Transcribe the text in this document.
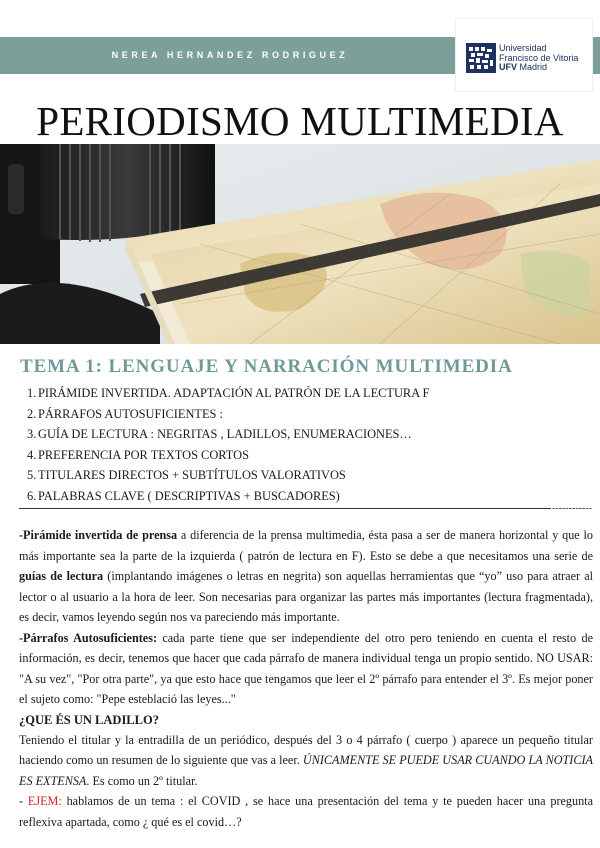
NEREA HERNANDEZ RODRIGUEZ
Universidad
Francisco de Vitoria
UFV Madrid
PERIODISMO MULTIMEDIA
TEMA 1: LENGUAJE Y NARRACIÓN MULTIMEDIA
1. PIRÁMIDE INVERTIDA. ADAPTACIÓN AL PATRÓN DE LA LECTURA F
2. PÁRRAFOS AUTOSUFICIENTES :
3. GUÍA DE LECTURA : NEGRITAS , LADILLOS, ENUMERACIONES…
4. PREFERENCIA POR TEXTOS CORTOS
5. TITULARES DIRECTOS + SUBTÍTULOS VALORATIVOS
6. PALABRAS CLAVE ( DESCRIPTIVAS + BUSCADORES)
------------

-Pirámide invertida de prensa a diferencia de la prensa multimedia, ésta pasa a ser de manera horizontal y que lo más importante sea la parte de la izquierda ( patrón de lectura en F). Esto se debe a que necesitamos una serie de guías de lectura (implantando imágenes o letras en negrita) son aquellas herramientas que “yo” uso para atraer al lector o al usuario a la hora de leer. Son necesarias para organizar las partes más importantes (lectura fragmentada), es decir, vamos leyendo según nos va pareciendo más importante.

-Párrafos Autosuficientes: cada parte tiene que ser independiente del otro pero teniendo en cuenta el resto de información, es decir, tenemos que hacer que cada párrafo de manera individual tenga un propio sentido. NO USAR: "A su vez", "Por otra parte", ya que esto hace que tengamos que leer el 2º párrafo para entender el 3º. Es mejor poner el sujeto como: "Pepe esteblació las leyes..."

¿QUE ÉS UN LADILLO?

Teniendo el titular y la entradilla de un periódico, después del 3 o 4 párrafo ( cuerpo ) aparece un pequeño titular haciendo como un resumen de lo siguiente que vas a leer. ÚNICAMENTE SE PUEDE USAR CUANDO LA NOTICIA ES EXTENSA. Es como un 2º titular.

- EJEM: hablamos de un tema : el COVID , se hace una presentación del tema y te pueden hacer una pregunta reflexiva apartada, como ¿ qué es el covid…?
